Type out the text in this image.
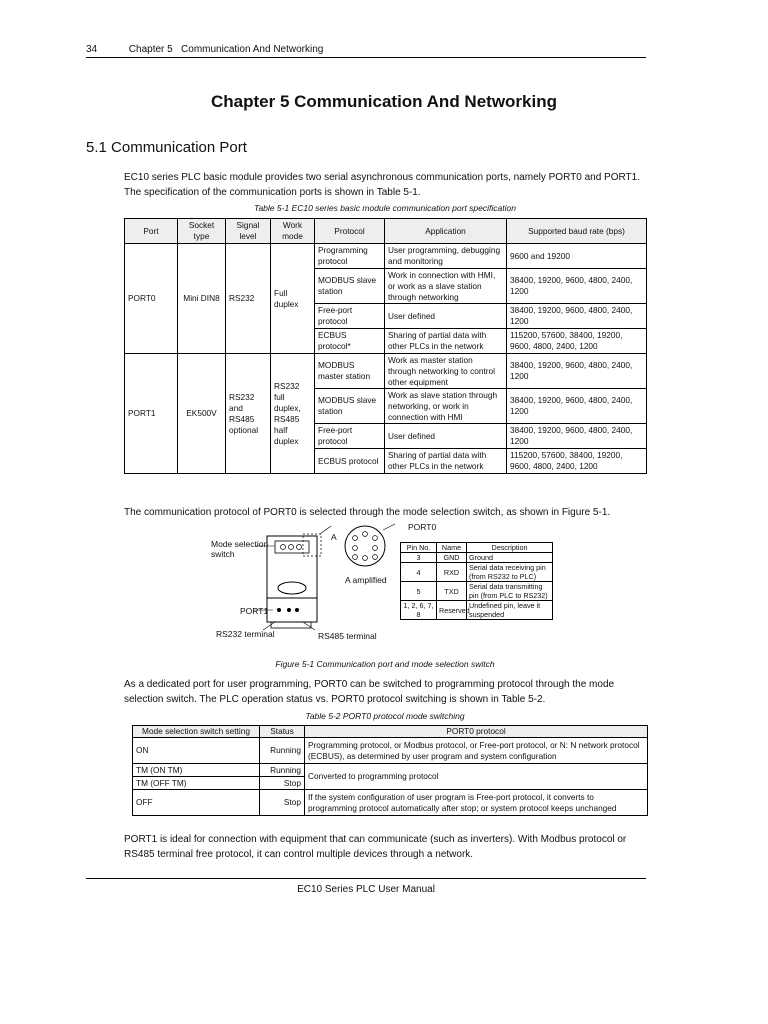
34	Chapter 5 Communication And Networking
Chapter 5 Communication And Networking
5.1 Communication Port
EC10 series PLC basic module provides two serial asynchronous communication ports, namely PORT0 and PORT1. The specification of the communication ports is shown in Table 5-1.
Table 5-1 EC10 series basic module communication port specification
Port	Socket type	Signal level	Work mode	Protocol	Application	Supported baud rate (bps)
PORT0	Mini DIN8	RS232	Full duplex	Programming protocol	User programming, debugging and monitoring	9600 and 19200
				MODBUS slave station	Work in connection with HMI, or work as a slave station through networking	38400, 19200, 9600, 4800, 2400, 1200
				Free-port protocol	User defined	38400, 19200, 9600, 4800, 2400, 1200
				ECBUS protocol*	Sharing of partial data with other PLCs in the network	115200, 57600, 38400, 19200, 9600, 4800, 2400, 1200
PORT1	EK500V	RS232 and RS485 optional	RS232 full duplex, RS485 half duplex	MODBUS master station	Work as master station through networking to control other equipment	38400, 19200, 9600, 4800, 2400, 1200
				MODBUS slave station	Work as slave station through networking, or work in connection with HMI	38400, 19200, 9600, 4800, 2400, 1200
				Free-port protocol	User defined	38400, 19200, 9600, 4800, 2400, 1200
				ECBUS protocol	Sharing of partial data with other PLCs in the network	115200, 57600, 38400, 19200, 9600, 4800, 2400, 1200
The communication protocol of PORT0 is selected through the mode selection switch, as shown in Figure 5-1.
Mode selection switch
A
A amplified
PORT0
PORT1
RS232 terminal	RS485 terminal
Pin No.	Name	Description
3	GND	Ground
4	RXD	Serial data receiving pin (from RS232 to PLC)
5	TXD	Serial data transmitting pin (from PLC to RS232)
1, 2, 6, 7, 8	Reserved	Undefined pin, leave it suspended
Figure 5-1 Communication port and mode selection switch
As a dedicated port for user programming, PORT0 can be switched to programming protocol through the mode selection switch. The PLC operation status vs. PORT0 protocol switching is shown in Table 5-2.
Table 5-2 PORT0 protocol mode switching
Mode selection switch setting	Status	PORT0 protocol
ON	Running	Programming protocol, or Modbus protocol, or Free-port protocol, or N: N network protocol (ECBUS), as determined by user program and system configuration
TM (ON TM)	Running	Converted to programming protocol
TM (OFF TM)	Stop	
OFF	Stop	If the system configuration of user program is Free-port protocol, it converts to programming protocol automatically after stop; or system protocol keeps unchanged
PORT1 is ideal for connection with equipment that can communicate (such as inverters). With Modbus protocol or RS485 terminal free protocol, it can control multiple devices through a network.
EC10 Series PLC User Manual
